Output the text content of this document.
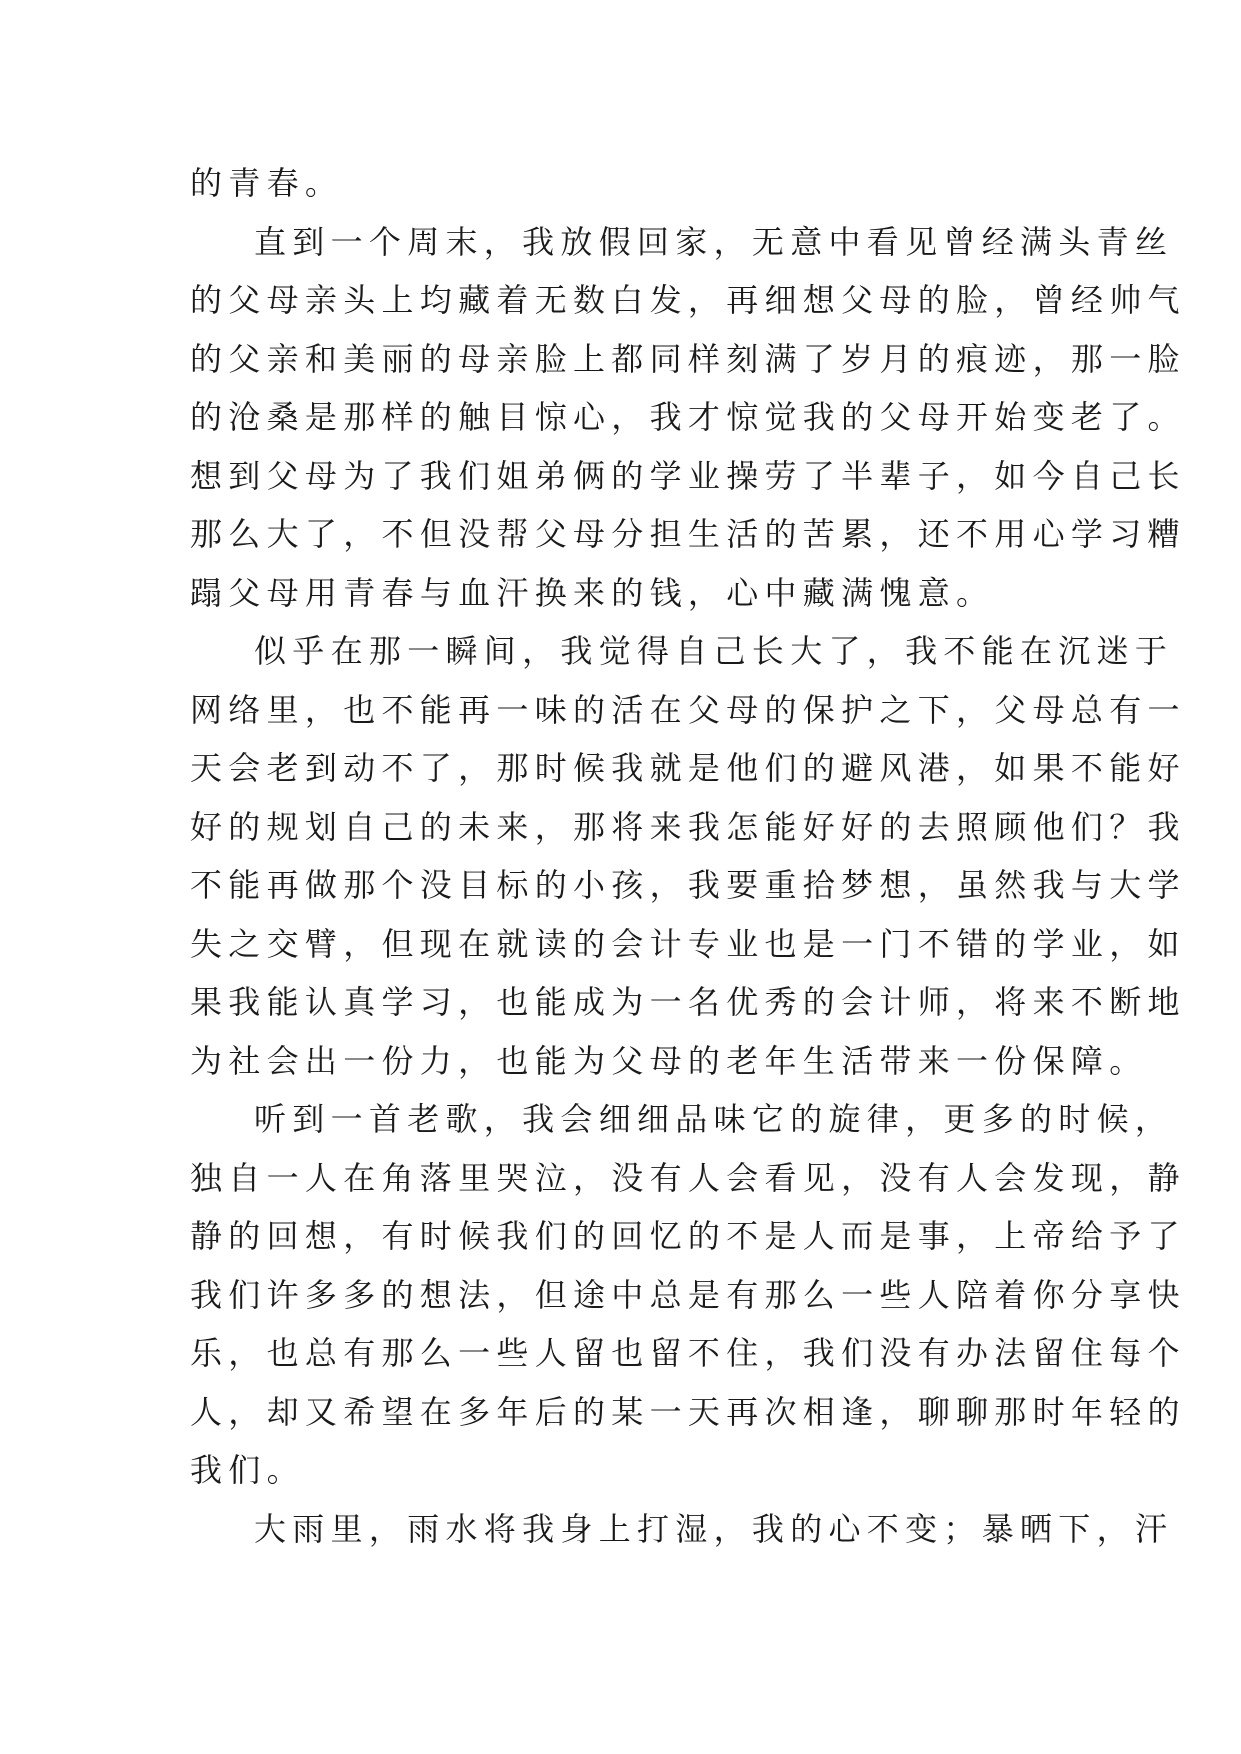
的青春。
直到一个周末，我放假回家，无意中看见曾经满头青丝
的父母亲头上均藏着无数白发，再细想父母的脸，曾经帅气
的父亲和美丽的母亲脸上都同样刻满了岁月的痕迹，那一脸
的沧桑是那样的触目惊心，我才惊觉我的父母开始变老了。
想到父母为了我们姐弟俩的学业操劳了半辈子，如今自己长
那么大了，不但没帮父母分担生活的苦累，还不用心学习糟
蹋父母用青春与血汗换来的钱，心中藏满愧意。
似乎在那一瞬间，我觉得自己长大了，我不能在沉迷于
网络里，也不能再一味的活在父母的保护之下，父母总有一
天会老到动不了，那时候我就是他们的避风港，如果不能好
好的规划自己的未来，那将来我怎能好好的去照顾他们？我
不能再做那个没目标的小孩，我要重拾梦想，虽然我与大学
失之交臂，但现在就读的会计专业也是一门不错的学业，如
果我能认真学习，也能成为一名优秀的会计师，将来不断地
为社会出一份力，也能为父母的老年生活带来一份保障。
听到一首老歌，我会细细品味它的旋律，更多的时候，
独自一人在角落里哭泣，没有人会看见，没有人会发现，静
静的回想，有时候我们的回忆的不是人而是事，上帝给予了
我们许多多的想法，但途中总是有那么一些人陪着你分享快
乐，也总有那么一些人留也留不住，我们没有办法留住每个
人，却又希望在多年后的某一天再次相逢，聊聊那时年轻的
我们。
大雨里，雨水将我身上打湿，我的心不变；暴晒下，汗
